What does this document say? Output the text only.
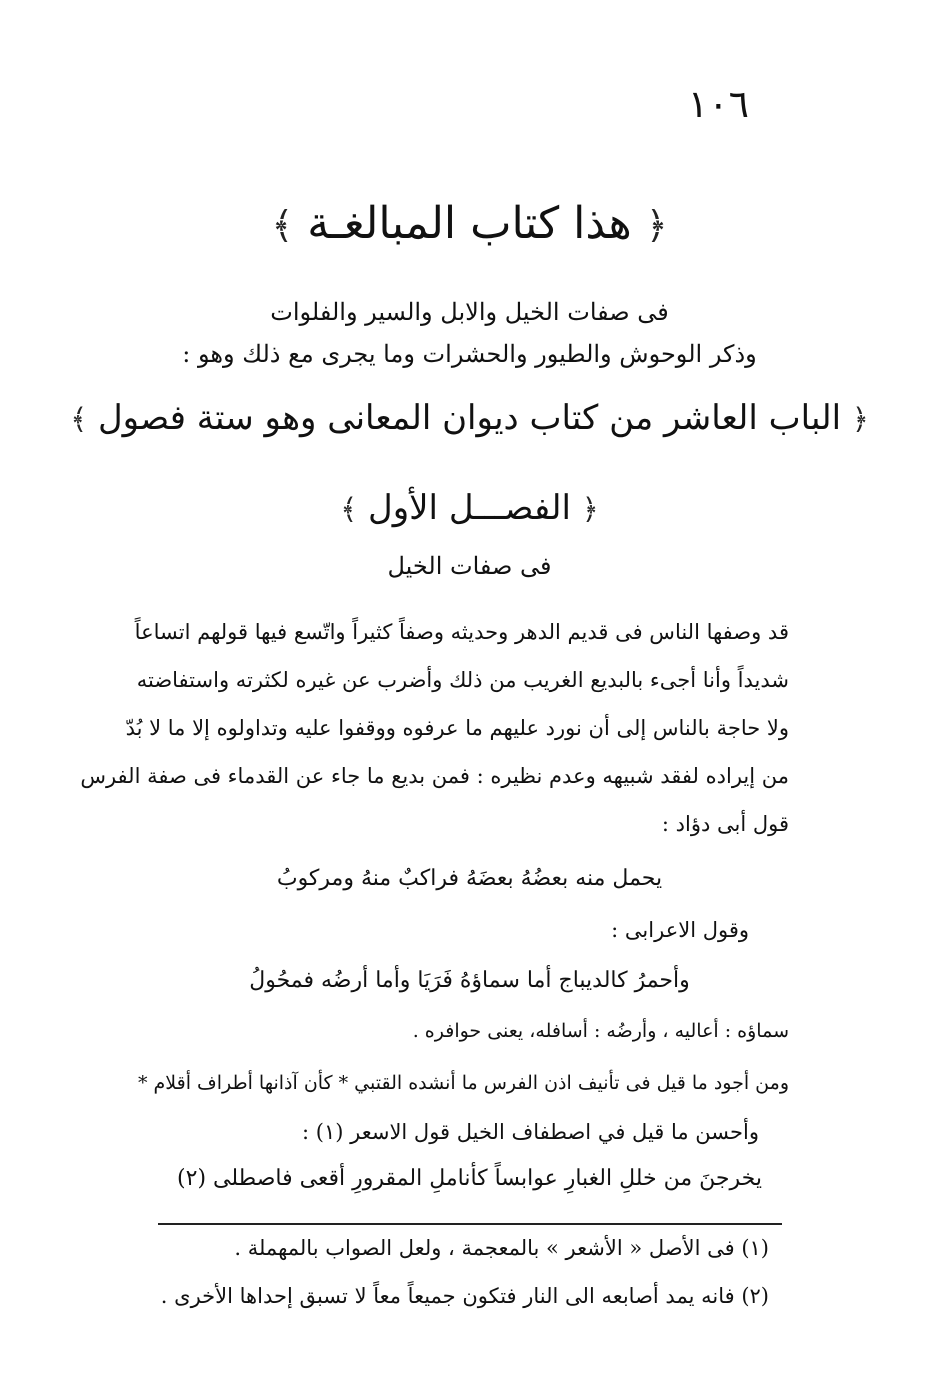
١٠٦
﴿ هذا كتاب المبالغـة ﴾
فى صفات الخيل والابل والسير والفلوات
وذكر الوحوش والطيور والحشرات وما يجرى مع ذلك وهو :
﴿ الباب العاشر من كتاب ديوان المعانى وهو ستة فصول ﴾
﴿ الفصـــل الأول ﴾
فى صفات الخيل
قد وصفها الناس فى قديم الدهر وحديثه وصفاً كثيراً واتّسع فيها قولهم اتساعاً
شديداً وأنا أجىء بالبديع الغريب من ذلك وأضرب عن غيره لكثرته واستفاضته
ولا حاجة بالناس إلى أن نورد عليهم ما عرفوه ووقفوا عليه وتداولوه إلا ما لا بُدّ
من إيراده لفقد شبيهه وعدم نظيره : فمن بديع ما جاء عن القدماء فى صفة الفرس
قول أبى دؤاد :
يحمل منه بعضُهُ بعضَهُ فراكبٌ منهُ ومركوبُ
وقول الاعرابى :
وأحمرُ كالديباج أما سماؤهُ فَرَيَا وأما أرضُه فمحُولُ
سماؤه : أعاليه ، وأرضُه : أسافله، يعنى حوافره .
ومن أجود ما قيل فى تأنيف اذن الفرس ما أنشده القتبي * كأن آذانها أطراف أقلام *
وأحسن ما قيل في اصطفاف الخيل قول الاسعر (١) :
يخرجنَ من خللِ الغبارِ عوابساً كأناملِ المقرورِ أقعى فاصطلى (٢)
(١) فى الأصل « الأشعر » بالمعجمة ، ولعل الصواب بالمهملة .
(٢) فانه يمد أصابعه الى النار فتكون جميعاً معاً لا تسبق إحداها الأخرى .
